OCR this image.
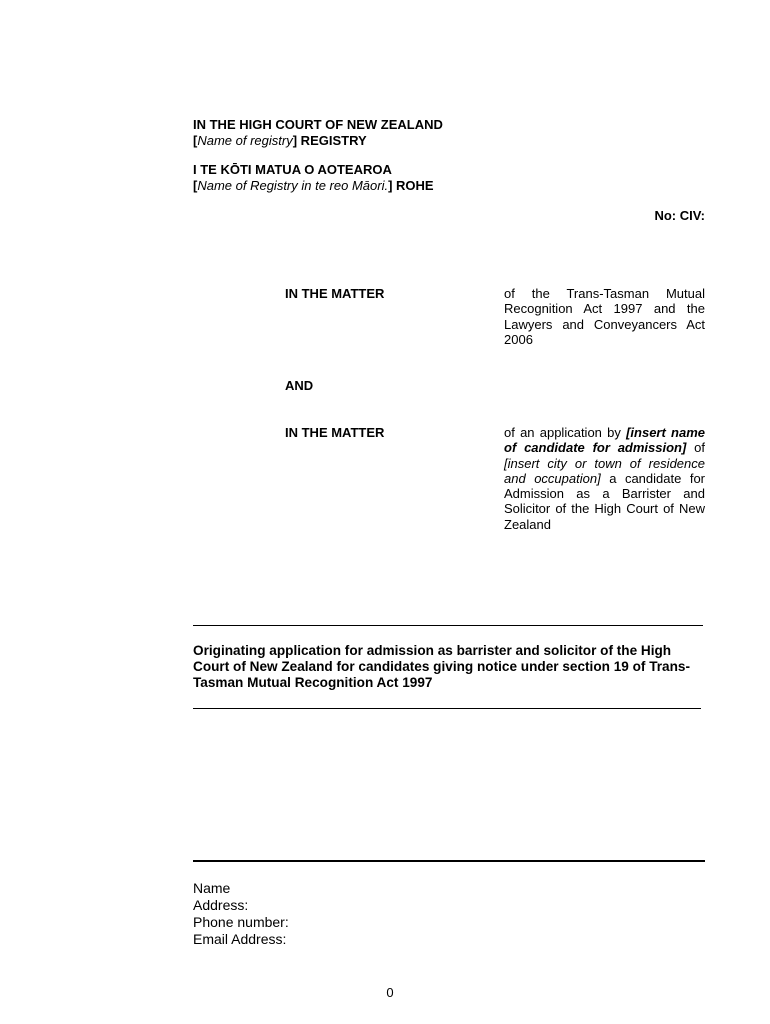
IN THE HIGH COURT OF NEW ZEALAND
[Name of registry] REGISTRY
I TE KŌTI MATUA O AOTEAROA
[Name of Registry in te reo Māori.] ROHE
No: CIV:
IN THE MATTER	of the Trans-Tasman Mutual Recognition Act 1997 and the Lawyers and Conveyancers Act 2006
AND
IN THE MATTER	of an application by [insert name of candidate for admission] of [insert city or town of residence and occupation] a candidate for Admission as a Barrister and Solicitor of the High Court of New Zealand
Originating application for admission as barrister and solicitor of the High Court of New Zealand for candidates giving notice under section 19 of Trans-Tasman Mutual Recognition Act 1997
Name
Address:
Phone number:
Email Address:
0
